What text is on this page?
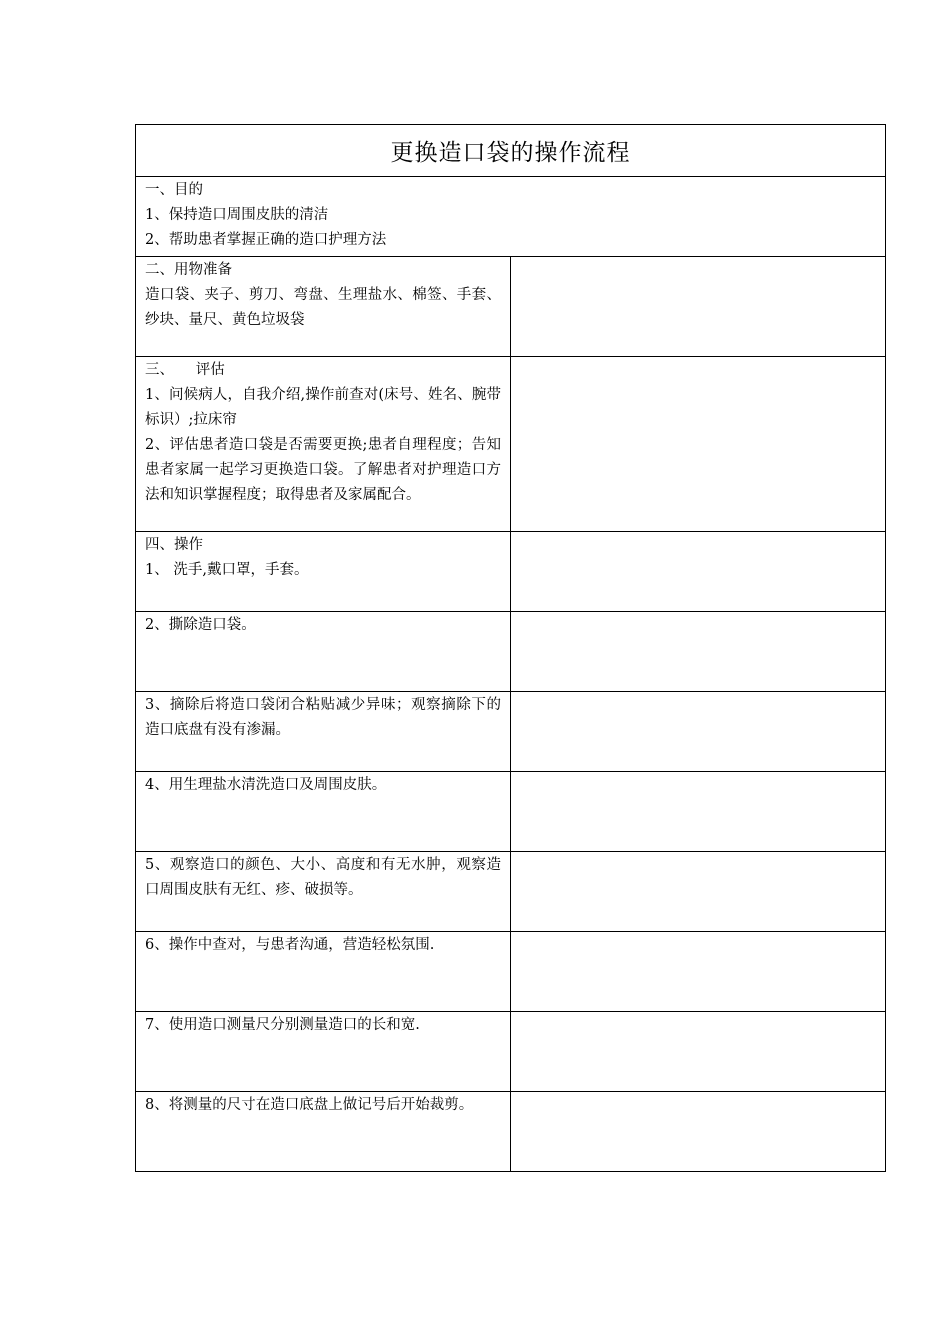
更换造口袋的操作流程
一、目的
1、保持造口周围皮肤的清洁
2、帮助患者掌握正确的造口护理方法
二、用物准备
造口袋、夹子、剪刀、弯盘、生理盐水、棉签、手套、纱块、量尺、黄色垃圾袋
三、　　评估
1、问候病人，自我介绍,操作前查对(床号、姓名、腕带标识）;拉床帘
2、评估患者造口袋是否需要更换;患者自理程度；告知患者家属一起学习更换造口袋。了解患者对护理造口方法和知识掌握程度；取得患者及家属配合。
四、操作
1、 洗手,戴口罩，手套。
2、撕除造口袋。
3、摘除后将造口袋闭合粘贴减少异味；观察摘除下的造口底盘有没有渗漏。
4、用生理盐水清洗造口及周围皮肤。
5、观察造口的颜色、大小、高度和有无水肿，观察造口周围皮肤有无红、疹、破损等。
6、操作中查对，与患者沟通，营造轻松氛围.
7、使用造口测量尺分别测量造口的长和宽.
8、将测量的尺寸在造口底盘上做记号后开始裁剪。
